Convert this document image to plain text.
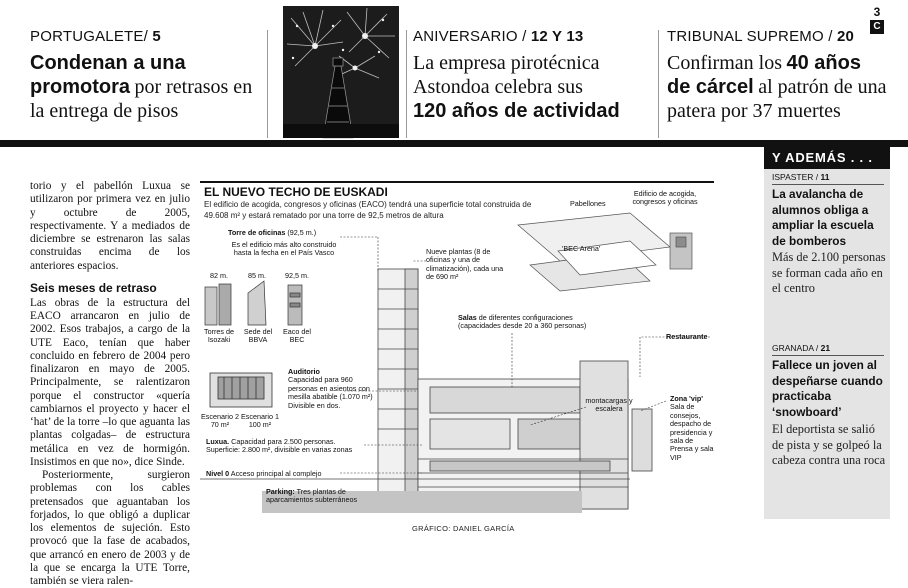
PORTUGALETE/ 5
Condenan a una promotora por retrasos en la entrega de pisos
ANIVERSARIO / 12 Y 13
La empresa pirotécnica
Astondoa celebra sus
120 años de actividad
TRIBUNAL SUPREMO / 20
Confirman los 40 años
de cárcel al patrón de una
patera por 37 muertes
3
C

torio y el pabellón Luxua se utilizaron por primera vez en julio y octubre de 2005, respectivamente. Y a mediados de diciembre se estrenaron las salas construidas encima de los anteriores espacios.

Seis meses de retraso

Las obras de la estructura del EACO arrancaron en julio de 2002. Esos trabajos, a cargo de la UTE Eaco, tenían que haber concluido en febrero de 2004 pero finalizaron en mayo de 2005. Principalmente, se ralentizaron porque el constructor «quería cambiarnos el proyecto y hacer el ‘hat’ de la torre –lo que aguanta las plantas colgadas– de estructura metálica en vez de hormigón. Insistimos en que no», dice Sinde.

Posteriormente, surgieron problemas con los cables pretensados que aguantaban los forjados, lo que obligó a duplicar los elementos de sujeción. Esto provocó que la fase de acabados, que arrancó en enero de 2003 y de la que se encarga la UTE Torre, también se viera ralen-

EL NUEVO TECHO DE EUSKADI
El edificio de acogida, congresos y oficinas (EACO) tendrá una superficie total construida de 49.608 m² y estará rematado por una torre de 92,5 metros de altura
Torre de oficinas (92,5 m.)
Es el edificio más alto construido hasta la fecha en el País Vasco
82 m.	85 m.	92,5 m.
Torres de Isozaki
Sede del BBVA
Eaco del BEC
Nueve plantas (8 de oficinas y una de climatización), cada una de 690 m²
Pabellones
Edificio de acogida, congresos y oficinas
'BEC Arena'
Salas de diferentes configuraciones (capacidades desde 20 a 360 personas)
Restaurante
Auditorio
Capacidad para 960 personas en asientos con mesilla abatible (1.070 m²) Divisible en dos.
Escenario 2
70 m²
Escenario 1
100 m²
montacargas y escalera
Zona 'vip'
Sala de consejos, despacho de presidencia y sala de Prensa y sala VIP
Luxua. Capacidad para 2.500 personas.
Superficie: 2.800 m², divisible en varias zonas
Nivel 0 Acceso principal al complejo
Parking: Tres plantas de
aparcamientos subterráneos
GRÁFICO: DANIEL GARCÍA
Y ADEMÁS . . .
ISPASTER / 11
La avalancha de alumnos obliga a ampliar la escuela de bomberos
Más de 2.100 personas se forman cada año en el centro
GRANADA / 21
Fallece un joven al despeñarse cuando practicaba ‘snowboard’
El deportista se salió de pista y se golpeó la cabeza contra una roca
